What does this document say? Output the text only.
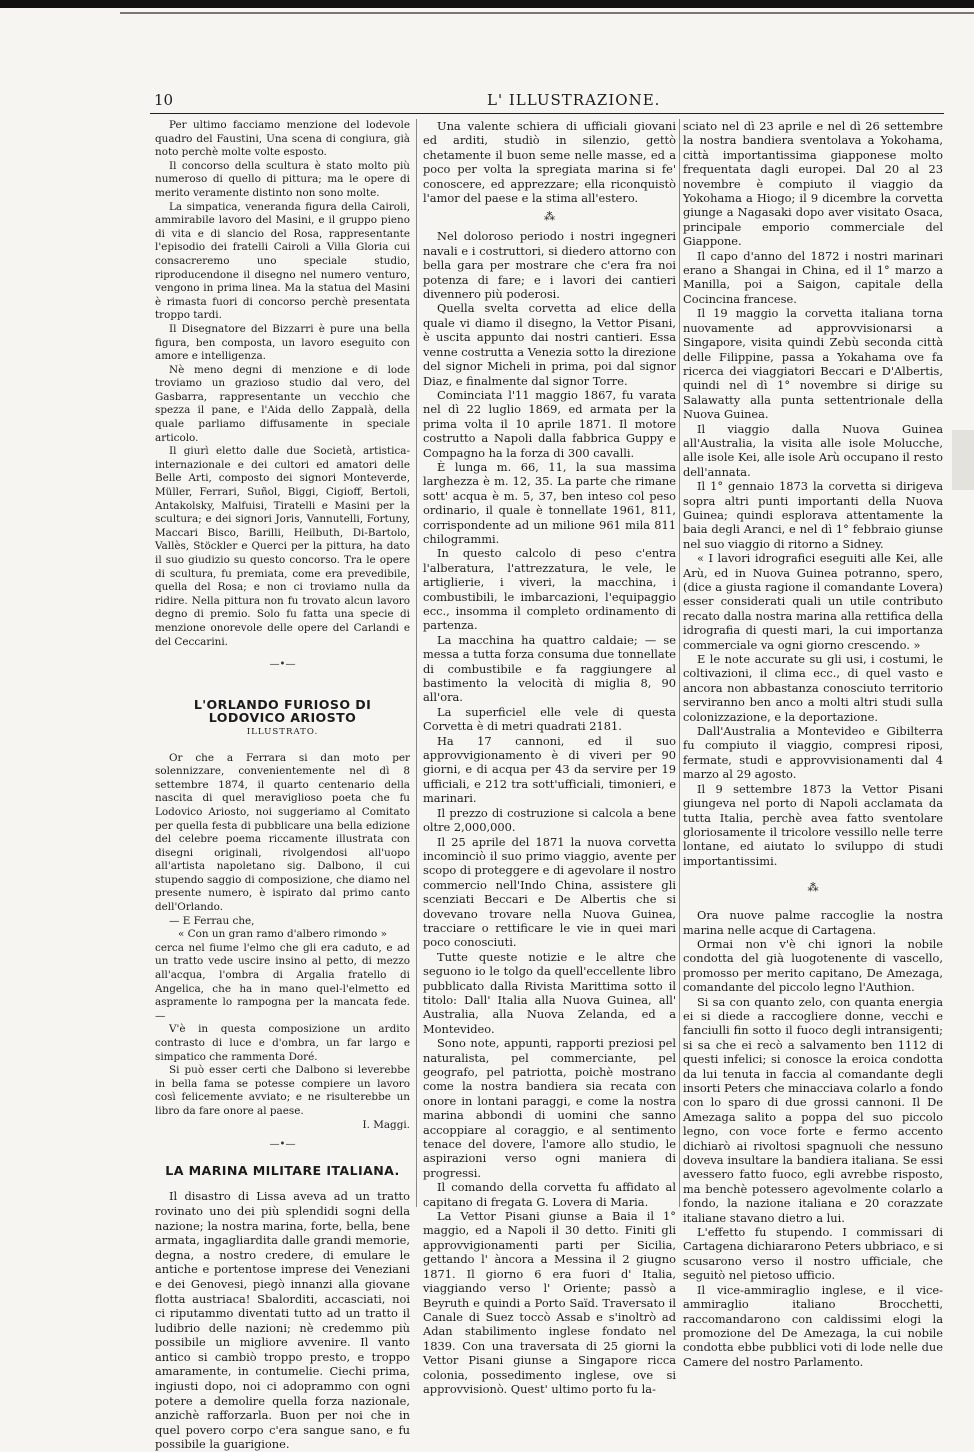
10	L' ILLUSTRAZIONE.

Per ultimo facciamo menzione del lodevole quadro del Faustini, Una scena di congiura, già noto perchè molte volte esposto.

Il concorso della scultura è stato molto più numeroso di quello di pittura; ma le opere di merito veramente distinto non sono molte.

La simpatica, veneranda figura della Cairoli, ammirabile lavoro del Masini, e il gruppo pieno di vita e di slancio del Rosa, rappresentante l'episodio dei fratelli Cairoli a Villa Gloria cui consacreremo uno speciale studio, riproducendone il disegno nel numero venturo, vengono in prima linea. Ma la statua del Masini è rimasta fuori di concorso perchè presentata troppo tardi.

Il Disegnatore del Bizzarri è pure una bella figura, ben composta, un lavoro eseguito con amore e intelligenza.

Nè meno degni di menzione e di lode troviamo un grazioso studio dal vero, del Gasbarra, rappresentante un vecchio che spezza il pane, e l'Aida dello Zappalà, della quale parliamo diffusamente in speciale articolo.

Il giurì eletto dalle due Società, artistica-internazionale e dei cultori ed amatori delle Belle Arti, composto dei signori Monteverde, Müller, Ferrari, Suñol, Biggi, Cigioff, Bertoli, Antakolsky, Malfuisi, Tiratelli e Masini per la scultura; e dei signori Joris, Vannutelli, Fortuny, Maccari Bisco, Barilli, Heilbuth, Di-Bartolo, Vallès, Stöckler e Querci per la pittura, ha dato il suo giudizio su questo concorso. Tra le opere di scultura, fu premiata, come era prevedibile, quella del Rosa; e non ci troviamo nulla da ridire. Nella pittura non fu trovato alcun lavoro degno di premio. Solo fu fatta una specie di menzione onorevole delle opere del Carlandi e del Ceccarini.

—•—
L'ORLANDO FURIOSO DI LODOVICO ARIOSTO
ILLUSTRATO.

Or che a Ferrara si dan moto per solennizzare, convenientemente nel dì 8 settembre 1874, il quarto centenario della nascita di quel meraviglioso poeta che fu Lodovico Ariosto, noi suggeriamo al Comitato per quella festa di pubblicare una bella edizione del celebre poema riccamente illustrata con disegni originali, rivolgendosi all'uopo all'artista napoletano sig. Dalbono, il cui stupendo saggio di composizione, che diamo nel presente numero, è ispirato dal primo canto dell'Orlando.

— E Ferrau che,

« Con un gran ramo d'albero rimondo »

cerca nel fiume l'elmo che gli era caduto, e ad un tratto vede uscire insino al petto, di mezzo all'acqua, l'ombra di Argalia fratello di Angelica, che ha in mano quel-l'elmetto ed aspramente lo rampogna per la mancata fede. —

V'è in questa composizione un ardito contrasto di luce e d'ombra, un far largo e simpatico che rammenta Doré.

Si può esser certi che Dalbono si leverebbe in bella fama se potesse compiere un lavoro così felicemente avviato; e ne risulterebbe un libro da fare onore al paese.

I. Maggi.

—•—
LA MARINA MILITARE ITALIANA.

Il disastro di Lissa aveva ad un tratto rovinato uno dei più splendidi sogni della nazione; la nostra marina, forte, bella, bene armata, ingagliardita dalle grandi memorie, degna, a nostro credere, di emulare le antiche e portentose imprese dei Veneziani e dei Genovesi, piegò innanzi alla giovane flotta austriaca! Sbalorditi, accasciati, noi ci riputammo diventati tutto ad un tratto il ludibrio delle nazioni; nè credemmo più possibile un migliore avvenire. Il vanto antico si cambiò troppo presto, e troppo amaramente, in contumelie. Ciechi prima, ingiusti dopo, noi ci adoprammo con ogni potere a demolire quella forza nazionale, anzichè rafforzarla. Buon per noi che in quel povero corpo c'era sangue sano, e fu possibile la guarigione.

Una valente schiera di ufficiali giovani ed arditi, studiò in silenzio, gettò chetamente il buon seme nelle masse, ed a poco per volta la spregiata marina si fe' conoscere, ed apprezzare; ella riconquistò l'amor del paese e la stima all'estero.

⁂

Nel doloroso periodo i nostri ingegneri navali e i costruttori, si diedero attorno con bella gara per mostrare che c'era fra noi potenza di fare; e i lavori dei cantieri divennero più poderosi.

Quella svelta corvetta ad elice della quale vi diamo il disegno, la Vettor Pisani, è uscita appunto dai nostri cantieri. Essa venne costrutta a Venezia sotto la direzione del signor Micheli in prima, poi dal signor Diaz, e finalmente dal signor Torre.

Cominciata l'11 maggio 1867, fu varata nel dì 22 luglio 1869, ed armata per la prima volta il 10 aprile 1871. Il motore costrutto a Napoli dalla fabbrica Guppy e Compagno ha la forza di 300 cavalli.

È lunga m. 66, 11, la sua massima larghezza è m. 12, 35. La parte che rimane sott' acqua è m. 5, 37, ben inteso col peso ordinario, il quale è tonnellate 1961, 811, corrispondente ad un milione 961 mila 811 chilogrammi.

In questo calcolo di peso c'entra l'alberatura, l'attrezzatura, le vele, le artiglierie, i viveri, la macchina, i combustibili, le imbarcazioni, l'equipaggio ecc., insomma il completo ordinamento di partenza.

La macchina ha quattro caldaie; — se messa a tutta forza consuma due tonnellate di combustibile e fa raggiungere al bastimento la velocità di miglia 8, 90 all'ora.

La superficiel elle vele di questa Corvetta è di metri quadrati 2181.

Ha 17 cannoni, ed il suo approvvigionamento è di viveri per 90 giorni, e di acqua per 43 da servire per 19 ufficiali, e 212 tra sott'ufficiali, timonieri, e marinari.

Il prezzo di costruzione si calcola a bene oltre 2,000,000.

Il 25 aprile del 1871 la nuova corvetta incominciò il suo primo viaggio, avente per scopo di proteggere e di agevolare il nostro commercio nell'Indo China, assistere gli scenziati Beccari e De Albertis che si dovevano trovare nella Nuova Guinea, tracciare o rettificare le vie in quei mari poco conosciuti.

Tutte queste notizie e le altre che seguono io le tolgo da quell'eccellente libro pubblicato dalla Rivista Marittima sotto il titolo: Dall' Italia alla Nuova Guinea, all' Australia, alla Nuova Zelanda, ed a Montevideo.

Sono note, appunti, rapporti preziosi pel naturalista, pel commerciante, pel geografo, pel patriotta, poichè mostrano come la nostra bandiera sia recata con onore in lontani paraggi, e come la nostra marina abbondi di uomini che sanno accoppiare al coraggio, e al sentimento tenace del dovere, l'amore allo studio, le aspirazioni verso ogni maniera di progressi.

Il comando della corvetta fu affidato al capitano di fregata G. Lovera di Maria.

La Vettor Pisani giunse a Baia il 1° maggio, ed a Napoli il 30 detto. Finiti gli approvvigionamenti parti per Sicilia, gettando l' àncora a Messina il 2 giugno 1871. Il giorno 6 era fuori d' Italia, viaggiando verso l' Oriente; passò a Beyruth e quindi a Porto Saïd. Traversato il Canale di Suez toccò Assab e s'inoltrò ad Adan stabilimento inglese fondato nel 1839. Con una traversata di 25 giorni la Vettor Pisani giunse a Singapore ricca colonia, possedimento inglese, ove si approvvisionò. Quest' ultimo porto fu la-

sciato nel dì 23 aprile e nel dì 26 settembre la nostra bandiera sventolava a Yokohama, città importantissima giapponese molto frequentata dagli europei. Dal 20 al 23 novembre è compiuto il viaggio da Yokohama a Hiogo; il 9 dicembre la corvetta giunge a Nagasaki dopo aver visitato Osaca, principale emporio commerciale del Giappone.

Il capo d'anno del 1872 i nostri marinari erano a Shangai in China, ed il 1° marzo a Manilla, poi a Saigon, capitale della Cocincina francese.

Il 19 maggio la corvetta italiana torna nuovamente ad approvvisionarsi a Singapore, visita quindi Zebù seconda città delle Filippine, passa a Yokahama ove fa ricerca dei viaggiatori Beccari e D'Albertis, quindi nel dì 1° novembre si dirige su Salawatty alla punta settentrionale della Nuova Guinea.

Il viaggio dalla Nuova Guinea all'Australia, la visita alle isole Molucche, alle isole Kei, alle isole Arù occupano il resto dell'annata.

Il 1° gennaio 1873 la corvetta si dirigeva sopra altri punti importanti della Nuova Guinea; quindi esplorava attentamente la baia degli Aranci, e nel dì 1° febbraio giunse nel suo viaggio di ritorno a Sidney.

« I lavori idrografici eseguiti alle Kei, alle Arù, ed in Nuova Guinea potranno, spero, (dice a giusta ragione il comandante Lovera) esser considerati quali un utile contributo recato dalla nostra marina alla rettifica della idrografia di questi mari, la cui importanza commerciale va ogni giorno crescendo. »

E le note accurate su gli usi, i costumi, le coltivazioni, il clima ecc., di quel vasto e ancora non abbastanza conosciuto territorio serviranno ben anco a molti altri studi sulla colonizzazione, e la deportazione.

Dall'Australia a Montevideo e Gibilterra fu compiuto il viaggio, compresi riposi, fermate, studi e approvvisionamenti dal 4 marzo al 29 agosto.

Il 9 settembre 1873 la Vettor Pisani giungeva nel porto di Napoli acclamata da tutta Italia, perchè avea fatto sventolare gloriosamente il tricolore vessillo nelle terre lontane, ed aiutato lo sviluppo di studi importantissimi.

⁂

Ora nuove palme raccoglie la nostra marina nelle acque di Cartagena.

Ormai non v'è chi ignori la nobile condotta del già luogotenente di vascello, promosso per merito capitano, De Amezaga, comandante del piccolo legno l'Authion.

Si sa con quanto zelo, con quanta energia ei si diede a raccogliere donne, vecchi e fanciulli fin sotto il fuoco degli intransigenti; si sa che ei recò a salvamento ben 1112 di questi infelici; si conosce la eroica condotta da lui tenuta in faccia al comandante degli insorti Peters che minacciava colarlo a fondo con lo sparo di due grossi cannoni. Il De Amezaga salito a poppa del suo piccolo legno, con voce forte e fermo accento dichiarò ai rivoltosi spagnuoli che nessuno doveva insultare la bandiera italiana. Se essi avessero fatto fuoco, egli avrebbe risposto, ma benchè potessero agevolmente colarlo a fondo, la nazione italiana e 20 corazzate italiane stavano dietro a lui.

L'effetto fu stupendo. I commissari di Cartagena dichiararono Peters ubbriaco, e si scusarono verso il nostro ufficiale, che seguitò nel pietoso ufficio.

Il vice-ammiraglio inglese, e il vice-ammiraglio italiano Brocchetti, raccomandarono con caldissimi elogi la promozione del De Amezaga, la cui nobile condotta ebbe pubblici voti di lode nelle due Camere del nostro Parlamento.
